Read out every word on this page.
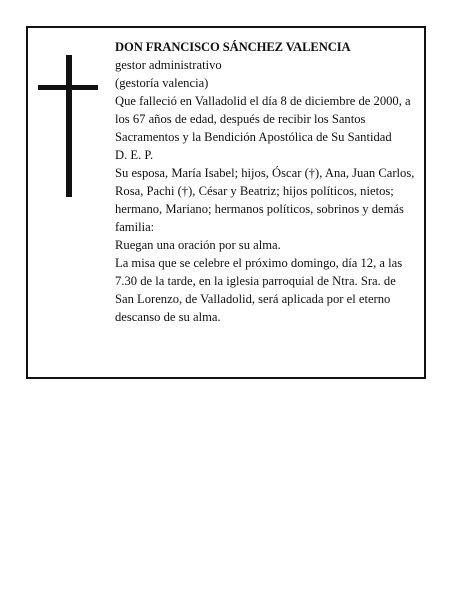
DON FRANCISCO SÁNCHEZ VALENCIA

gestor administrativo

(gestoría valencia)

Que falleció en Valladolid el día 8 de diciembre de 2000, a los 67 años de edad, después de recibir los Santos Sacramentos y la Bendición Apostólica de Su Santidad

D. E. P.

Su esposa, María Isabel; hijos, Óscar (†), Ana, Juan Carlos, Rosa, Pachi (†), César y Beatriz; hijos políticos, nietos; hermano, Mariano; hermanos políticos, sobrinos y demás familia:

Ruegan una oración por su alma.

La misa que se celebre el próximo domingo, día 12, a las 7.30 de la tarde, en la iglesia parroquial de Ntra. Sra. de San Lorenzo, de Valladolid, será aplicada por el eterno descanso de su alma.
